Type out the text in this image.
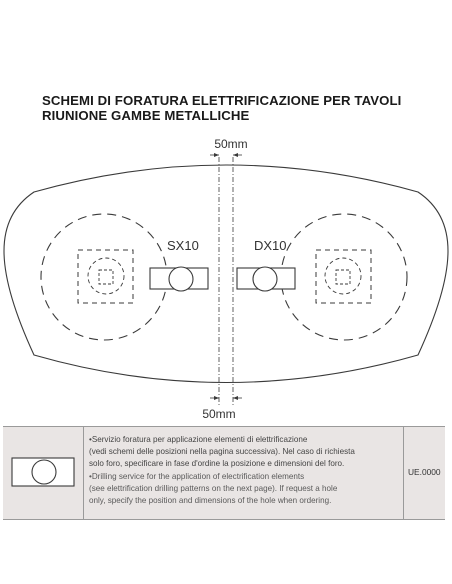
SCHEMI DI FORATURA ELETTRIFICAZIONE PER TAVOLI
RIUNIONE GAMBE METALLICHE
50mm
50mm
SX10	DX10
•Servizio foratura per applicazione elementi di elettrificazione
(vedi schemi delle posizioni nella pagina successiva). Nel caso di richiesta
solo foro, specificare in fase d'ordine la posizione e dimensioni del foro.
•Drilling service for the application of electrification elements
(see elettrification drilling patterns on the next page). If request a hole
only, specify the position and dimensions of the hole when ordering.
UE.0000
